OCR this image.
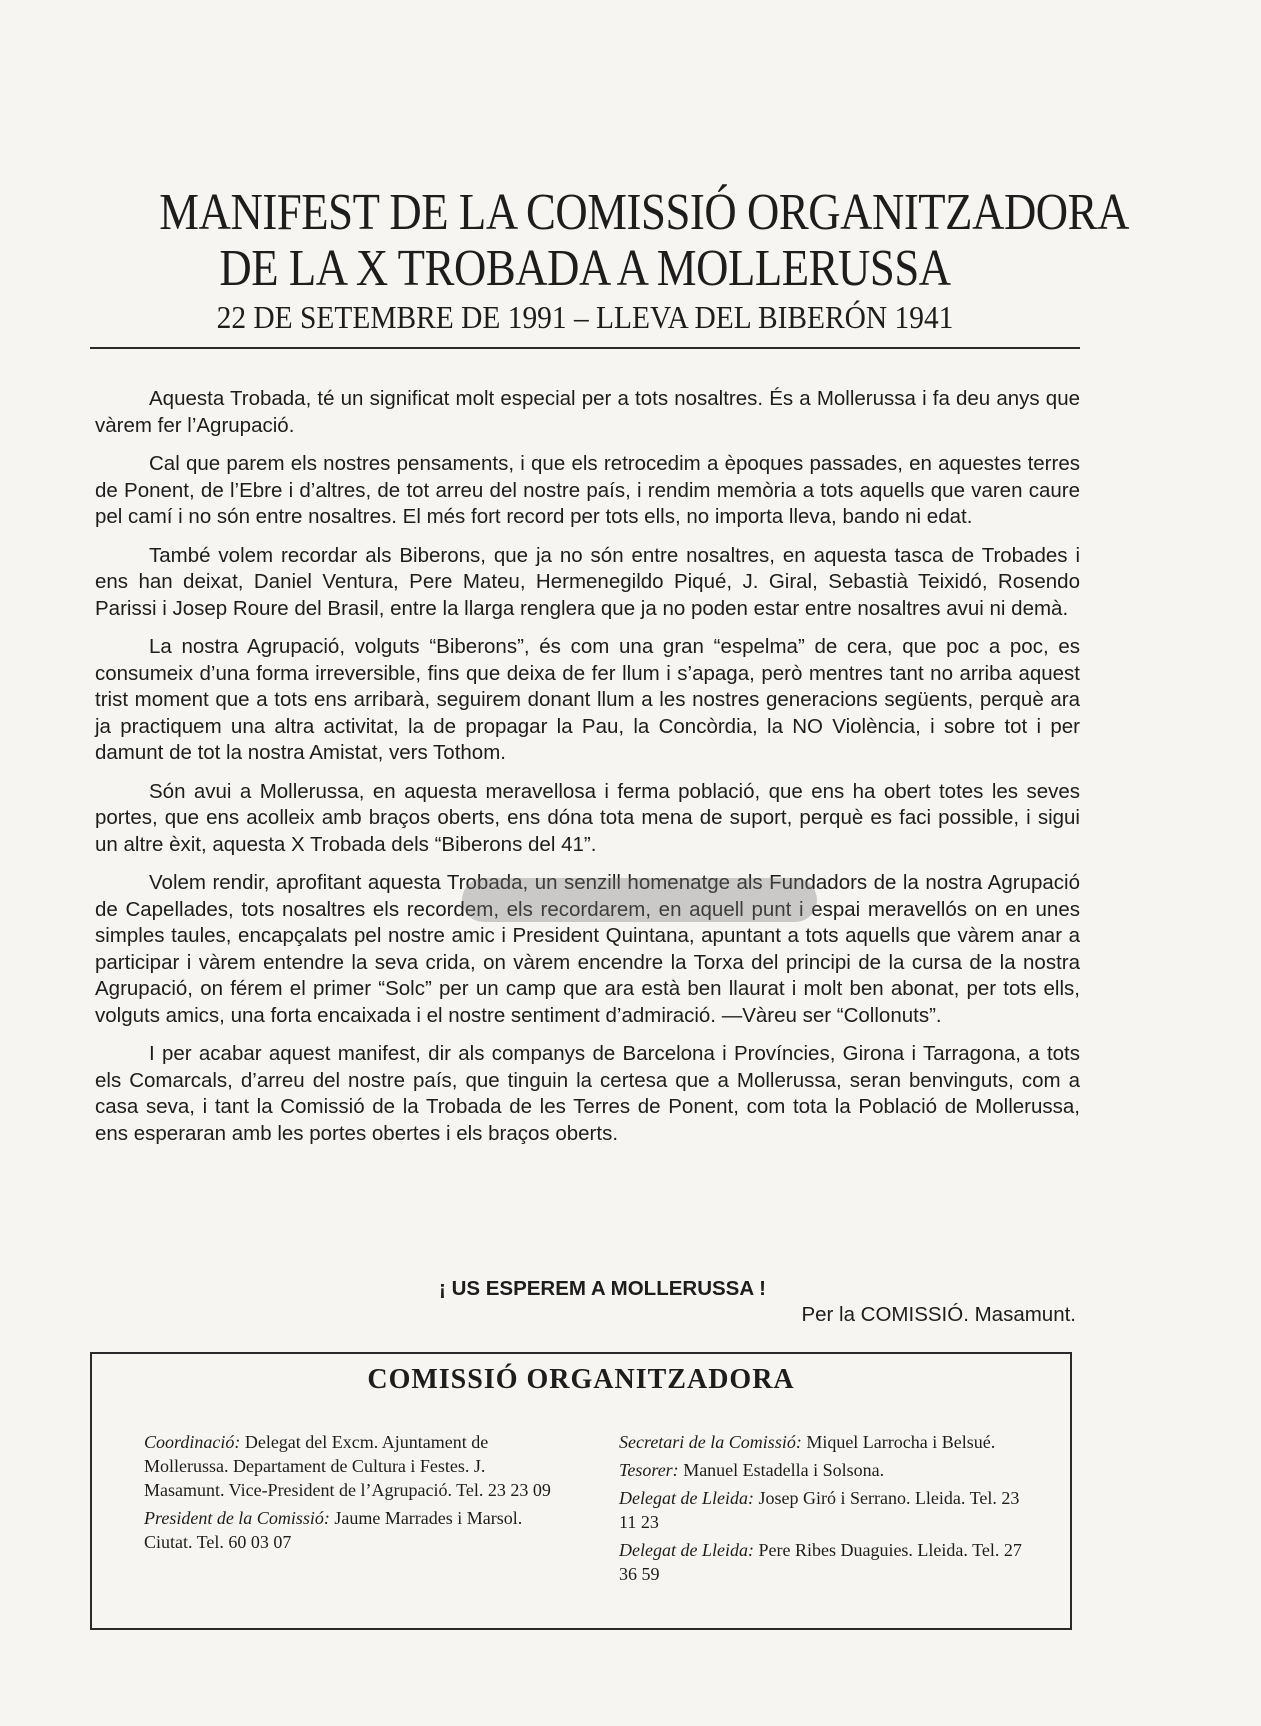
MANIFEST DE LA COMISSIÓ ORGANITZADORA
DE LA X TROBADA A MOLLERUSSA
22 DE SETEMBRE DE 1991 – LLEVA DEL BIBERÓN 1941

Aquesta Trobada, té un significat molt especial per a tots nosaltres. És a Mollerussa i fa deu anys que vàrem fer l’Agrupació.

Cal que parem els nostres pensaments, i que els retrocedim a èpoques passades, en aquestes terres de Ponent, de l’Ebre i d’altres, de tot arreu del nostre país, i rendim memòria a tots aquells que varen caure pel camí i no són entre nosaltres. El més fort record per tots ells, no importa lleva, bando ni edat.

També volem recordar als Biberons, que ja no són entre nosaltres, en aquesta tasca de Trobades i ens han deixat, Daniel Ventura, Pere Mateu, Hermenegildo Piqué, J. Giral, Sebastià Teixidó, Rosendo Parissi i Josep Roure del Brasil, entre la llarga renglera que ja no poden estar entre nosaltres avui ni demà.

La nostra Agrupació, volguts “Biberons”, és com una gran “espelma” de cera, que poc a poc, es consumeix d’una forma irreversible, fins que deixa de fer llum i s’apaga, però mentres tant no arriba aquest trist moment que a tots ens arribarà, seguirem donant llum a les nostres generacions següents, perquè ara ja practiquem una altra activitat, la de propagar la Pau, la Concòrdia, la NO Violència, i sobre tot i per damunt de tot la nostra Amistat, vers Tothom.

Són avui a Mollerussa, en aquesta meravellosa i ferma població, que ens ha obert totes les seves portes, que ens acolleix amb braços oberts, ens dóna tota mena de suport, perquè es faci possible, i sigui un altre èxit, aquesta X Trobada dels “Biberons del 41”.

Volem rendir, aprofitant aquesta Trobada, un senzill homenatge als Fundadors de la nostra Agrupació de Capellades, tots nosaltres els recordem, els recordarem, en aquell punt i espai meravellós on en unes simples taules, encapçalats pel nostre amic i President Quintana, apuntant a tots aquells que vàrem anar a participar i vàrem entendre la seva crida, on vàrem encendre la Torxa del principi de la cursa de la nostra Agrupació, on férem el primer “Solc” per un camp que ara està ben llaurat i molt ben abonat, per tots ells, volguts amics, una forta encaixada i el nostre sentiment d’admiració. —Vàreu ser “Collonuts”.

I per acabar aquest manifest, dir als companys de Barcelona i Províncies, Girona i Tarragona, a tots els Comarcals, d’arreu del nostre país, que tinguin la certesa que a Mollerussa, seran benvinguts, com a casa seva, i tant la Comissió de la Trobada de les Terres de Ponent, com tota la Població de Mollerussa, ens esperaran amb les portes obertes i els braços oberts.

¡ US ESPEREM A MOLLERUSSA !
Per la COMISSIÓ. Masamunt.
COMISSIÓ ORGANITZADORA
Coordinació: Delegat del Excm. Ajuntament de Mollerussa. Departament de Cultura i Festes. J. Masamunt. Vice-President de l’Agrupació. Tel. 23 23 09
President de la Comissió: Jaume Marrades i Marsol. Ciutat. Tel. 60 03 07
Secretari de la Comissió: Miquel Larrocha i Belsué.
Tesorer: Manuel Estadella i Solsona.
Delegat de Lleida: Josep Giró i Serrano. Lleida. Tel. 23 11 23
Delegat de Lleida: Pere Ribes Duaguies. Lleida. Tel. 27 36 59
